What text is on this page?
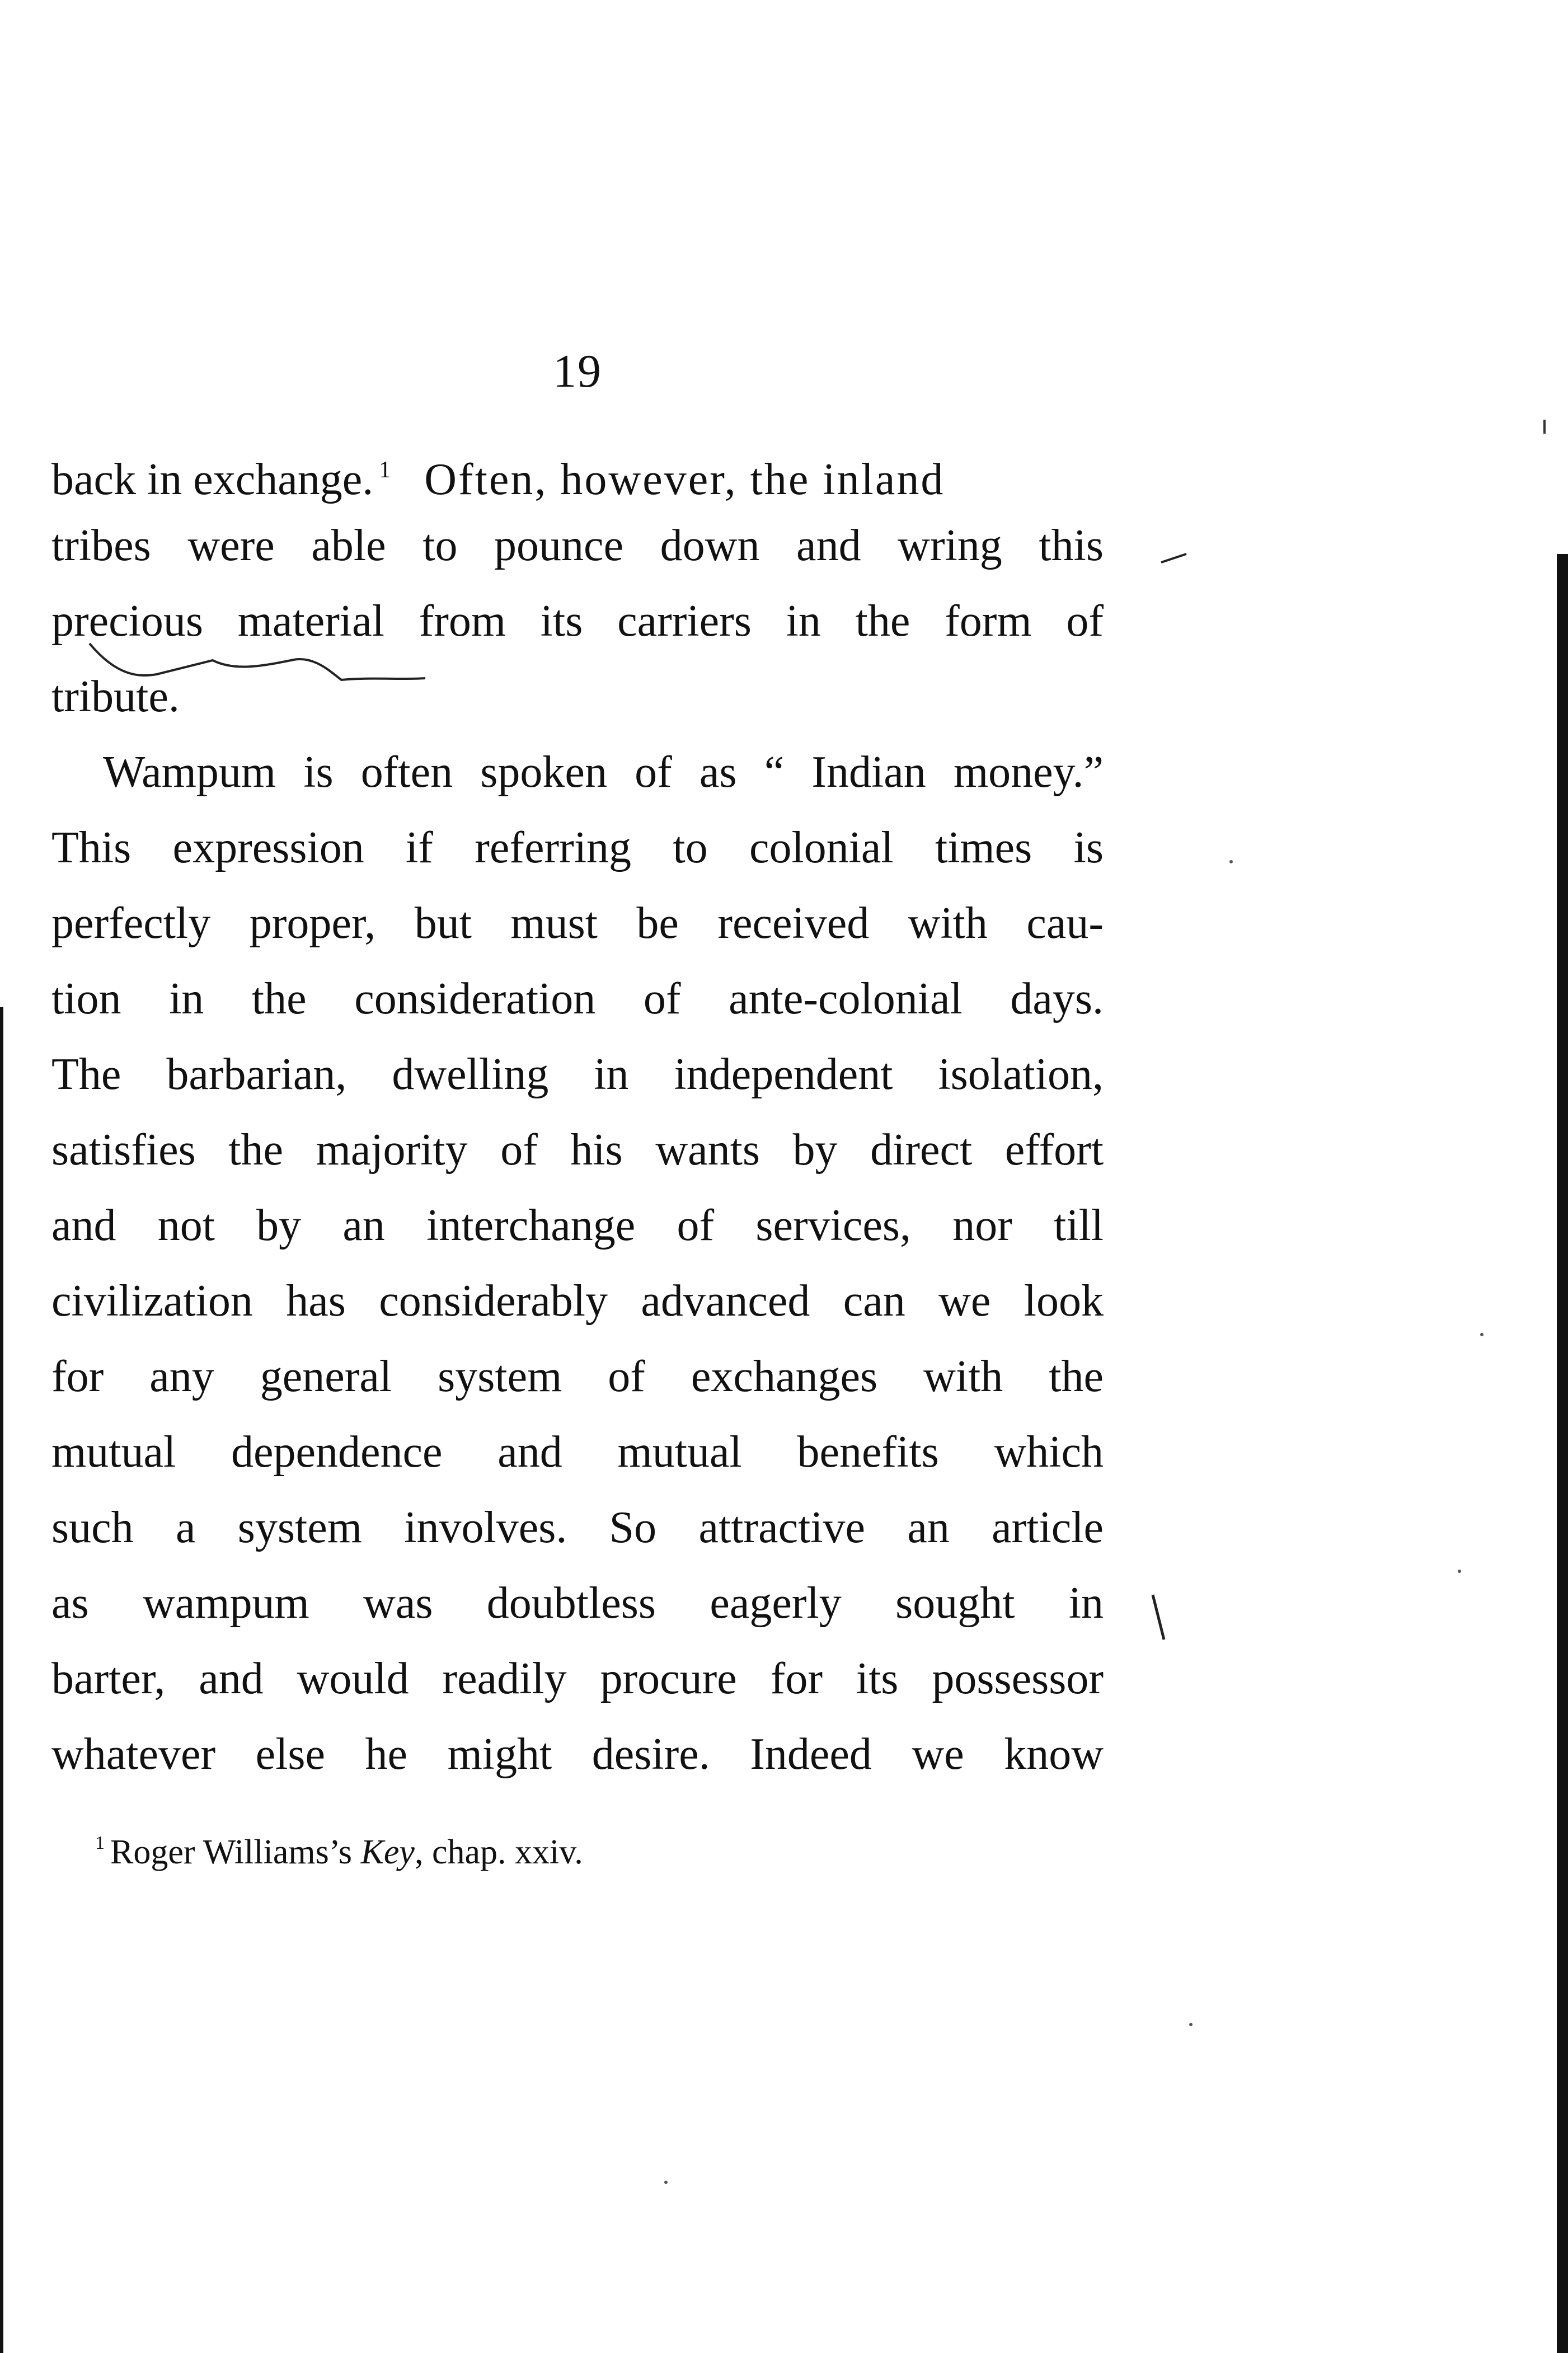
19
back in exchange. $^1$ Often, however, the inland
tribes were able to pounce down and wring this
precious material from its carriers in the form of
tribute.
Wampum is often spoken of as “ Indian money.”
This expression if referring to colonial times is
perfectly proper, but must be received with cau-
tion in the consideration of ante-colonial days.
The barbarian, dwelling in independent isolation,
satisfies the majority of his wants by direct effort
and not by an interchange of services, nor till
civilization has considerably advanced can we look
for any general system of exchanges with the
mutual dependence and mutual benefits which
such a system involves. So attractive an article
as wampum was doubtless eagerly sought in
barter, and would readily procure for its possessor
whatever else he might desire. Indeed we know
$^1$ Roger Williams’s Key, chap. xxiv.
